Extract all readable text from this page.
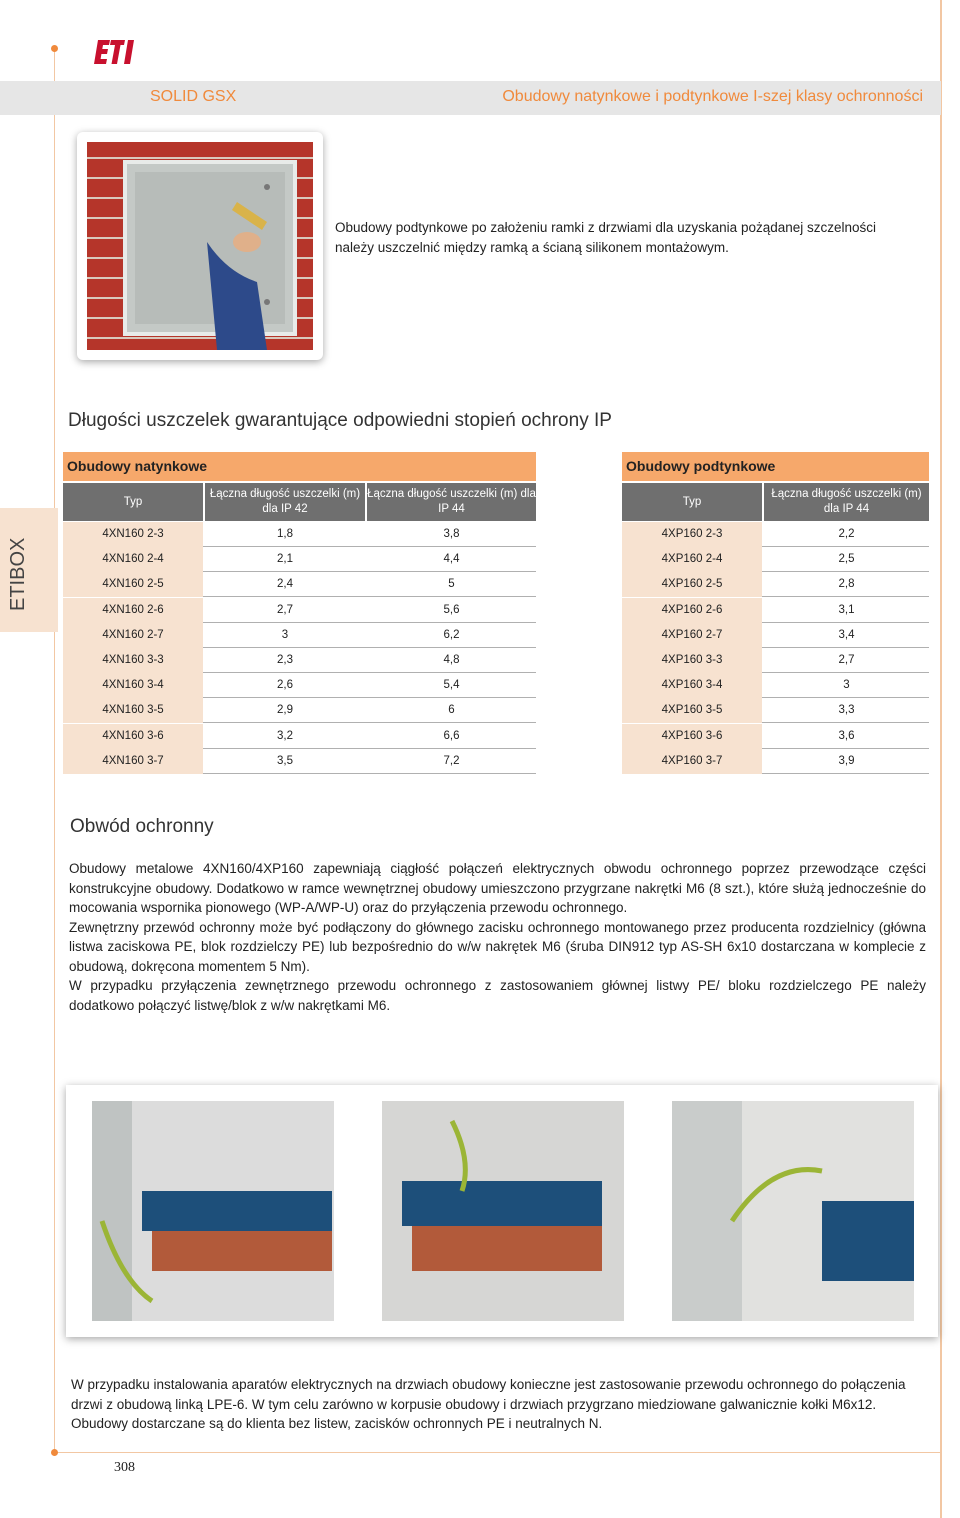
SOLID GSX	Obudowy natynkowe i podtynkowe I-szej klasy ochronności
ETIBOX
Obudowy podtynkowe po założeniu ramki z drzwiami dla uzyskania pożądanej szczelności należy uszczelnić między ramką a ścianą silikonem montażowym.
Długości uszczelek gwarantujące odpowiedni stopień ochrony IP
Obudowy natynkowe
Typ
Łączna długość uszczelki (m) dla IP 42
Łączna długość uszczelki (m) dla IP 44
4XN160 2-3	1,8	3,8
4XN160 2-4	2,1	4,4
4XN160 2-5	2,4	5
4XN160 2-6	2,7	5,6
4XN160 2-7	3	6,2
4XN160 3-3	2,3	4,8
4XN160 3-4	2,6	5,4
4XN160 3-5	2,9	6
4XN160 3-6	3,2	6,6
4XN160 3-7	3,5	7,2
Obudowy podtynkowe
Typ
Łączna długość uszczelki (m) dla IP 44
4XP160 2-3	2,2
4XP160 2-4	2,5
4XP160 2-5	2,8
4XP160 2-6	3,1
4XP160 2-7	3,4
4XP160 3-3	2,7
4XP160 3-4	3
4XP160 3-5	3,3
4XP160 3-6	3,6
4XP160 3-7	3,9
Obwód ochronny

Obudowy metalowe 4XN160/4XP160 zapewniają ciągłość połączeń elektrycznych obwodu ochronnego poprzez przewodzące części konstrukcyjne obudowy. Dodatkowo w ramce wewnętrznej obudowy umieszczono przygrzane nakrętki M6 (8 szt.), które służą jednocześnie do mocowania wspornika pionowego (WP-A/WP-U) oraz do przyłączenia przewodu ochronnego.

Zewnętrzny przewód ochronny może być podłączony do głównego zacisku ochronnego montowanego przez producenta rozdzielnicy (główna listwa zaciskowa PE, blok rozdzielczy PE) lub bezpośrednio do w/w nakrętek M6 (śruba DIN912 typ AS-SH 6x10 dostarczana w komplecie z obudową, dokręcona momentem 5 Nm).

W przypadku przyłączenia zewnętrznego przewodu ochronnego z zastosowaniem głównej listwy PE/ bloku rozdzielczego PE należy dodatkowo połączyć listwę/blok z w/w nakrętkami M6.

W przypadku instalowania aparatów elektrycznych na drzwiach obudowy konieczne jest zastosowanie przewodu ochronnego do połączenia drzwi z obudową linką LPE-6. W tym celu zarówno w korpusie obudowy i drzwiach przygrzano miedziowane galwanicznie kołki M6x12. Obudowy dostarczane są do klienta bez listew, zacisków ochronnych PE i neutralnych N.
308
